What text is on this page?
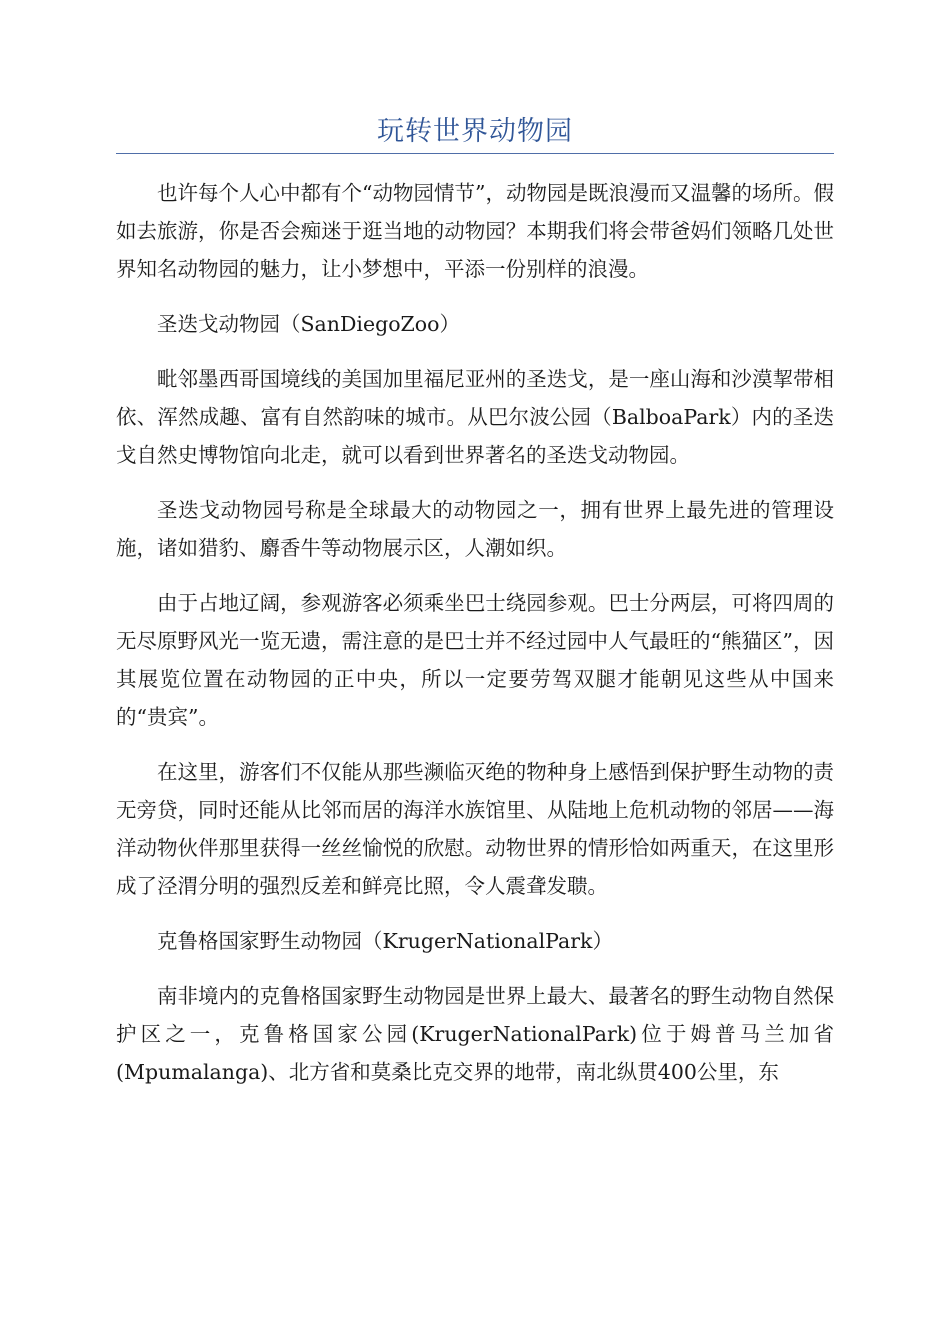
玩转世界动物园

也许每个人心中都有个“动物园情节”，动物园是既浪漫而又温馨的场所。假如去旅游，你是否会痴迷于逛当地的动物园？本期我们将会带爸妈们领略几处世界知名动物园的魅力，让小梦想中，平添一份别样的浪漫。

圣迭戈动物园（SanDiegoZoo）

毗邻墨西哥国境线的美国加里福尼亚州的圣迭戈，是一座山海和沙漠挈带相依、浑然成趣、富有自然韵味的城市。从巴尔波公园（BalboaPark）内的圣迭戈自然史博物馆向北走，就可以看到世界著名的圣迭戈动物园。

圣迭戈动物园号称是全球最大的动物园之一，拥有世界上最先进的管理设施，诸如猎豹、麝香牛等动物展示区，人潮如织。

由于占地辽阔，参观游客必须乘坐巴士绕园参观。巴士分两层，可将四周的无尽原野风光一览无遗，需注意的是巴士并不经过园中人气最旺的“熊猫区”，因其展览位置在动物园的正中央，所以一定要劳驾双腿才能朝见这些从中国来的“贵宾”。

在这里，游客们不仅能从那些濒临灭绝的物种身上感悟到保护野生动物的责无旁贷，同时还能从比邻而居的海洋水族馆里、从陆地上危机动物的邻居——海洋动物伙伴那里获得一丝丝愉悦的欣慰。动物世界的情形恰如两重天，在这里形成了泾渭分明的强烈反差和鲜亮比照，令人震聋发聩。

克鲁格国家野生动物园（KrugerNationalPark）

南非境内的克鲁格国家野生动物园是世界上最大、最著名的野生动物自然保护区之一，克鲁格国家公园(KrugerNationalPark)位于姆普马兰加省(Mpumalanga)、北方省和莫桑比克交界的地带，南北纵贯400公里，东
